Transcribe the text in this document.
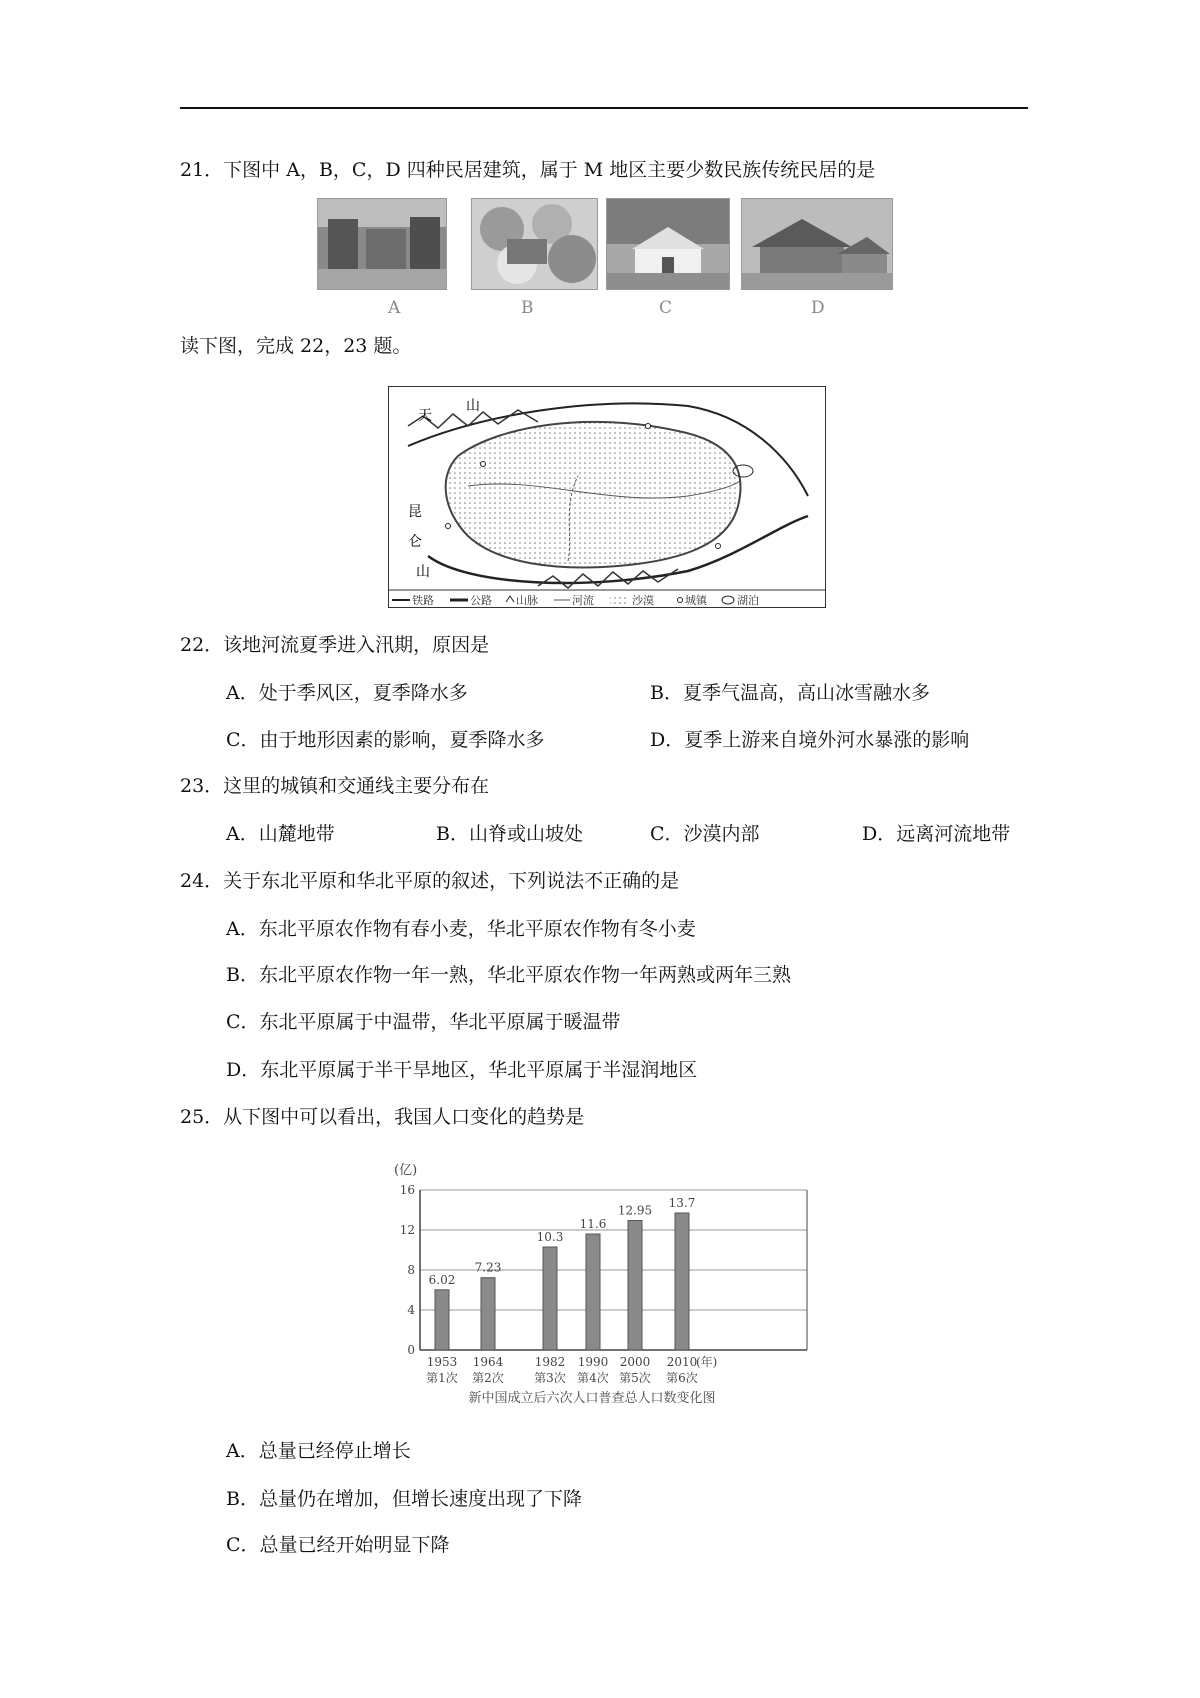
21．下图中 A，B，C，D 四种民居建筑，属于 M 地区主要少数民族传统民居的是
A	B	C	D
读下图，完成 22，23 题。
天
山
昆
仑
山
铁路	公路 山脉	河流	沙漠	城镇	湖泊
22．该地河流夏季进入汛期，原因是
A．处于季风区，夏季降水多	B．夏季气温高，高山冰雪融水多
C．由于地形因素的影响，夏季降水多	D．夏季上游来自境外河水暴涨的影响
23．这里的城镇和交通线主要分布在
A．山麓地带	B．山脊或山坡处	C．沙漠内部	D．远离河流地带
24．关于东北平原和华北平原的叙述，下列说法不正确的是
A．东北平原农作物有春小麦，华北平原农作物有冬小麦
B．东北平原农作物一年一熟，华北平原农作物一年两熟或两年三熟
C．东北平原属于中温带，华北平原属于暖温带
D．东北平原属于半干旱地区，华北平原属于半湿润地区
25．从下图中可以看出，我国人口变化的趋势是
(亿)
0
4
8
12
16
6.02
1953
第1次
7.23
1964
第2次
10.3
1982
第3次
11.6
1990
第4次
12.95
2000
第5次
13.7
2010
第6次
(年)
新中国成立后六次人口普查总人口数变化图
A．总量已经停止增长
B．总量仍在增加，但增长速度出现了下降
C．总量已经开始明显下降
